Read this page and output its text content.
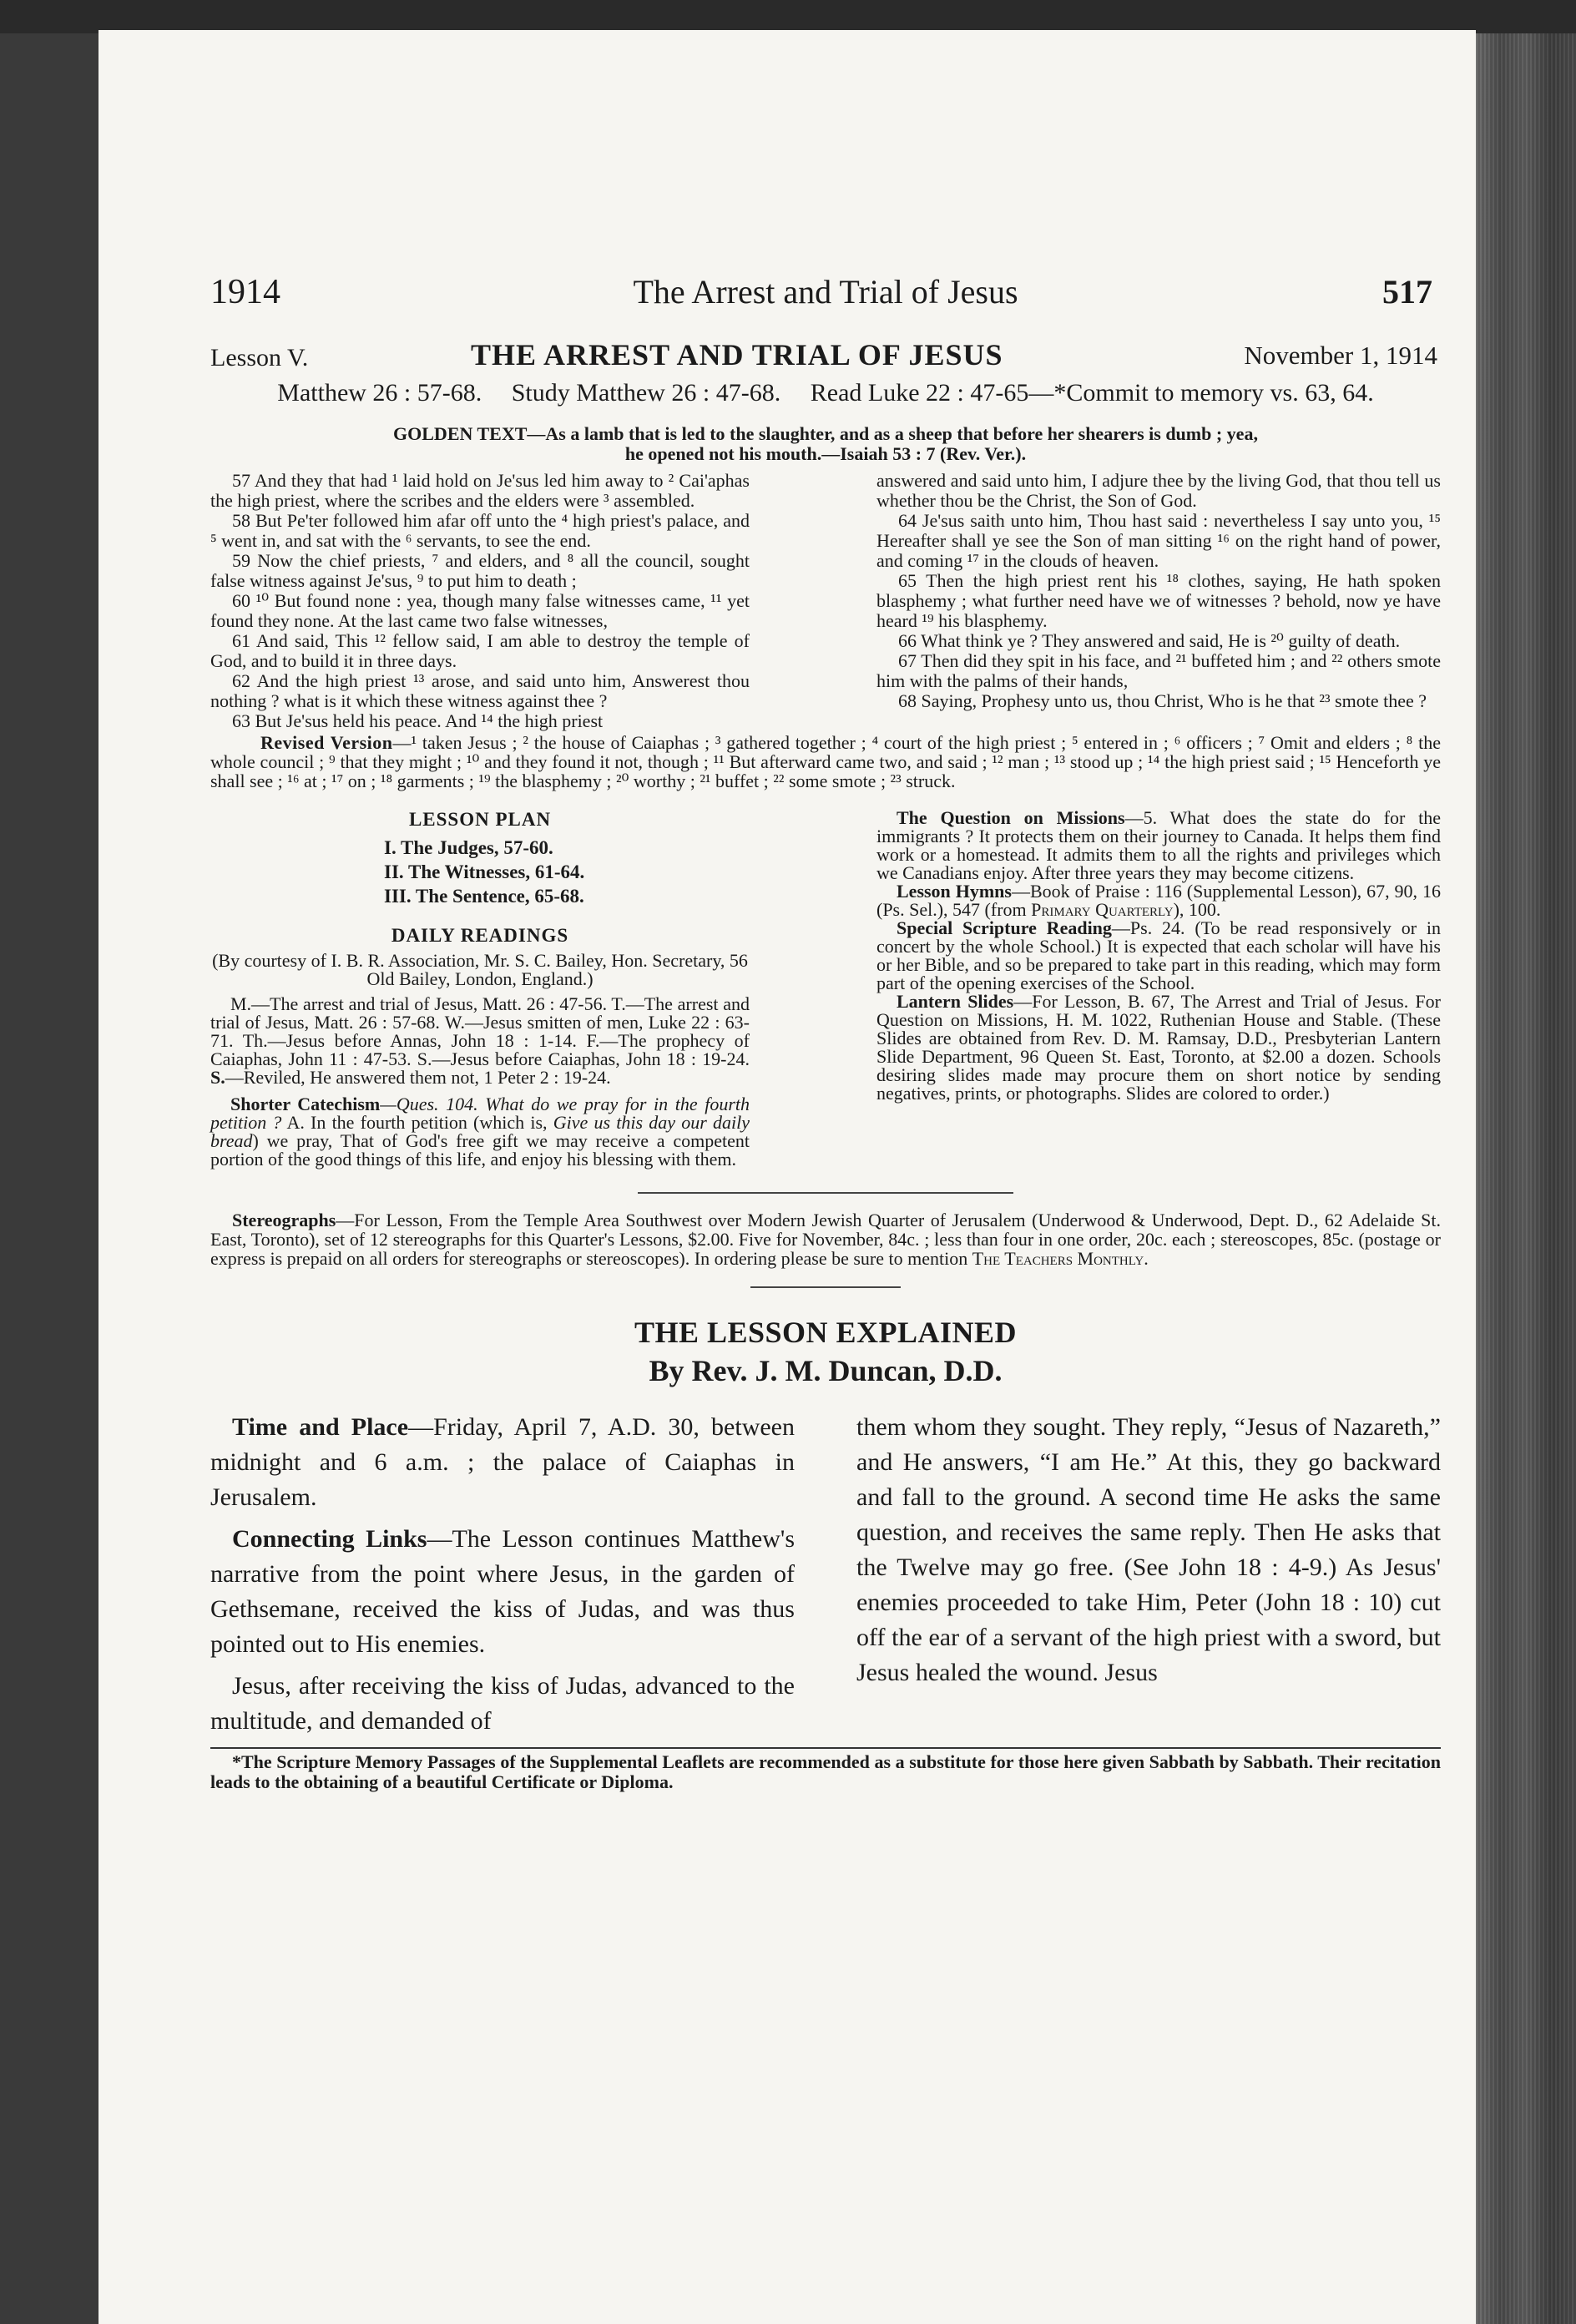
1914	The Arrest and Trial of Jesus	517
Lesson V.	THE ARREST AND TRIAL OF JESUS	November 1, 1914
Matthew 26 : 57-68. Study Matthew 26 : 47-68. Read Luke 22 : 47-65—*Commit to memory vs. 63, 64.
GOLDEN TEXT—As a lamb that is led to the slaughter, and as a sheep that before her shearers is dumb ; yea,
he opened not his mouth.—Isaiah 53 : 7 (Rev. Ver.).

57 And they that had ¹ laid hold on Je'sus led him away to ² Cai'aphas the high priest, where the scribes and the elders were ³ assembled.

58 But Pe'ter followed him afar off unto the ⁴ high priest's palace, and ⁵ went in, and sat with the ⁶ servants, to see the end.

59 Now the chief priests, ⁷ and elders, and ⁸ all the council, sought false witness against Je'sus, ⁹ to put him to death ;

60 ¹⁰ But found none : yea, though many false witnesses came, ¹¹ yet found they none. At the last came two false witnesses,

61 And said, This ¹² fellow said, I am able to destroy the temple of God, and to build it in three days.

62 And the high priest ¹³ arose, and said unto him, Answerest thou nothing ? what is it which these witness against thee ?

63 But Je'sus held his peace. And ¹⁴ the high priest

answered and said unto him, I adjure thee by the living God, that thou tell us whether thou be the Christ, the Son of God.

64 Je'sus saith unto him, Thou hast said : nevertheless I say unto you, ¹⁵ Hereafter shall ye see the Son of man sitting ¹⁶ on the right hand of power, and coming ¹⁷ in the clouds of heaven.

65 Then the high priest rent his ¹⁸ clothes, saying, He hath spoken blasphemy ; what further need have we of witnesses ? behold, now ye have heard ¹⁹ his blasphemy.

66 What think ye ? They answered and said, He is ²⁰ guilty of death.

67 Then did they spit in his face, and ²¹ buffeted him ; and ²² others smote him with the palms of their hands,

68 Saying, Prophesy unto us, thou Christ, Who is he that ²³ smote thee ?

Revised Version—¹ taken Jesus ; ² the house of Caiaphas ; ³ gathered together ; ⁴ court of the high priest ; ⁵ entered in ; ⁶ officers ; ⁷ Omit and elders ; ⁸ the whole council ; ⁹ that they might ; ¹⁰ and they found it not, though ; ¹¹ But afterward came two, and said ; ¹² man ; ¹³ stood up ; ¹⁴ the high priest said ; ¹⁵ Henceforth ye shall see ; ¹⁶ at ; ¹⁷ on ; ¹⁸ garments ; ¹⁹ the blasphemy ; ²⁰ worthy ; ²¹ buffet ; ²² some smote ; ²³ struck.
LESSON PLAN
I. The Judges, 57-60.
II. The Witnesses, 61-64.
III. The Sentence, 65-68.
DAILY READINGS

(By courtesy of I. B. R. Association, Mr. S. C. Bailey, Hon. Secretary, 56 Old Bailey, London, England.)

M.—The arrest and trial of Jesus, Matt. 26 : 47-56. T.—The arrest and trial of Jesus, Matt. 26 : 57-68. W.—Jesus smitten of men, Luke 22 : 63-71. Th.—Jesus before Annas, John 18 : 1-14. F.—The prophecy of Caiaphas, John 11 : 47-53. S.—Jesus before Caiaphas, John 18 : 19-24. S.—Reviled, He answered them not, 1 Peter 2 : 19-24.

Shorter Catechism—Ques. 104. What do we pray for in the fourth petition ? A. In the fourth petition (which is, Give us this day our daily bread) we pray, That of God's free gift we may receive a competent portion of the good things of this life, and enjoy his blessing with them.

The Question on Missions—5. What does the state do for the immigrants ? It protects them on their journey to Canada. It helps them find work or a homestead. It admits them to all the rights and privileges which we Canadians enjoy. After three years they may become citizens.

Lesson Hymns—Book of Praise : 116 (Supplemental Lesson), 67, 90, 16 (Ps. Sel.), 547 (from Primary Quarterly), 100.

Special Scripture Reading—Ps. 24. (To be read responsively or in concert by the whole School.) It is expected that each scholar will have his or her Bible, and so be prepared to take part in this reading, which may form part of the opening exercises of the School.

Lantern Slides—For Lesson, B. 67, The Arrest and Trial of Jesus. For Question on Missions, H. M. 1022, Ruthenian House and Stable. (These Slides are obtained from Rev. D. M. Ramsay, D.D., Presbyterian Lantern Slide Department, 96 Queen St. East, Toronto, at $2.00 a dozen. Schools desiring slides made may procure them on short notice by sending negatives, prints, or photographs. Slides are colored to order.)

Stereographs—For Lesson, From the Temple Area Southwest over Modern Jewish Quarter of Jerusalem (Underwood & Underwood, Dept. D., 62 Adelaide St. East, Toronto), set of 12 stereographs for this Quarter's Lessons, $2.00. Five for November, 84c. ; less than four in one order, 20c. each ; stereoscopes, 85c. (postage or express is prepaid on all orders for stereographs or stereoscopes). In ordering please be sure to mention The Teachers Monthly.
THE LESSON EXPLAINED
By Rev. J. M. Duncan, D.D.

Time and Place—Friday, April 7, A.D. 30, between midnight and 6 a.m. ; the palace of Caiaphas in Jerusalem.

Connecting Links—The Lesson continues Matthew's narrative from the point where Jesus, in the garden of Gethsemane, received the kiss of Judas, and was thus pointed out to His enemies.

Jesus, after receiving the kiss of Judas, advanced to the multitude, and demanded of

them whom they sought. They reply, “Jesus of Nazareth,” and He answers, “I am He.” At this, they go backward and fall to the ground. A second time He asks the same question, and receives the same reply. Then He asks that the Twelve may go free. (See John 18 : 4-9.) As Jesus' enemies proceeded to take Him, Peter (John 18 : 10) cut off the ear of a servant of the high priest with a sword, but Jesus healed the wound. Jesus

*The Scripture Memory Passages of the Supplemental Leaflets are recommended as a substitute for those here given Sabbath by Sabbath. Their recitation leads to the obtaining of a beautiful Certificate or Diploma.
